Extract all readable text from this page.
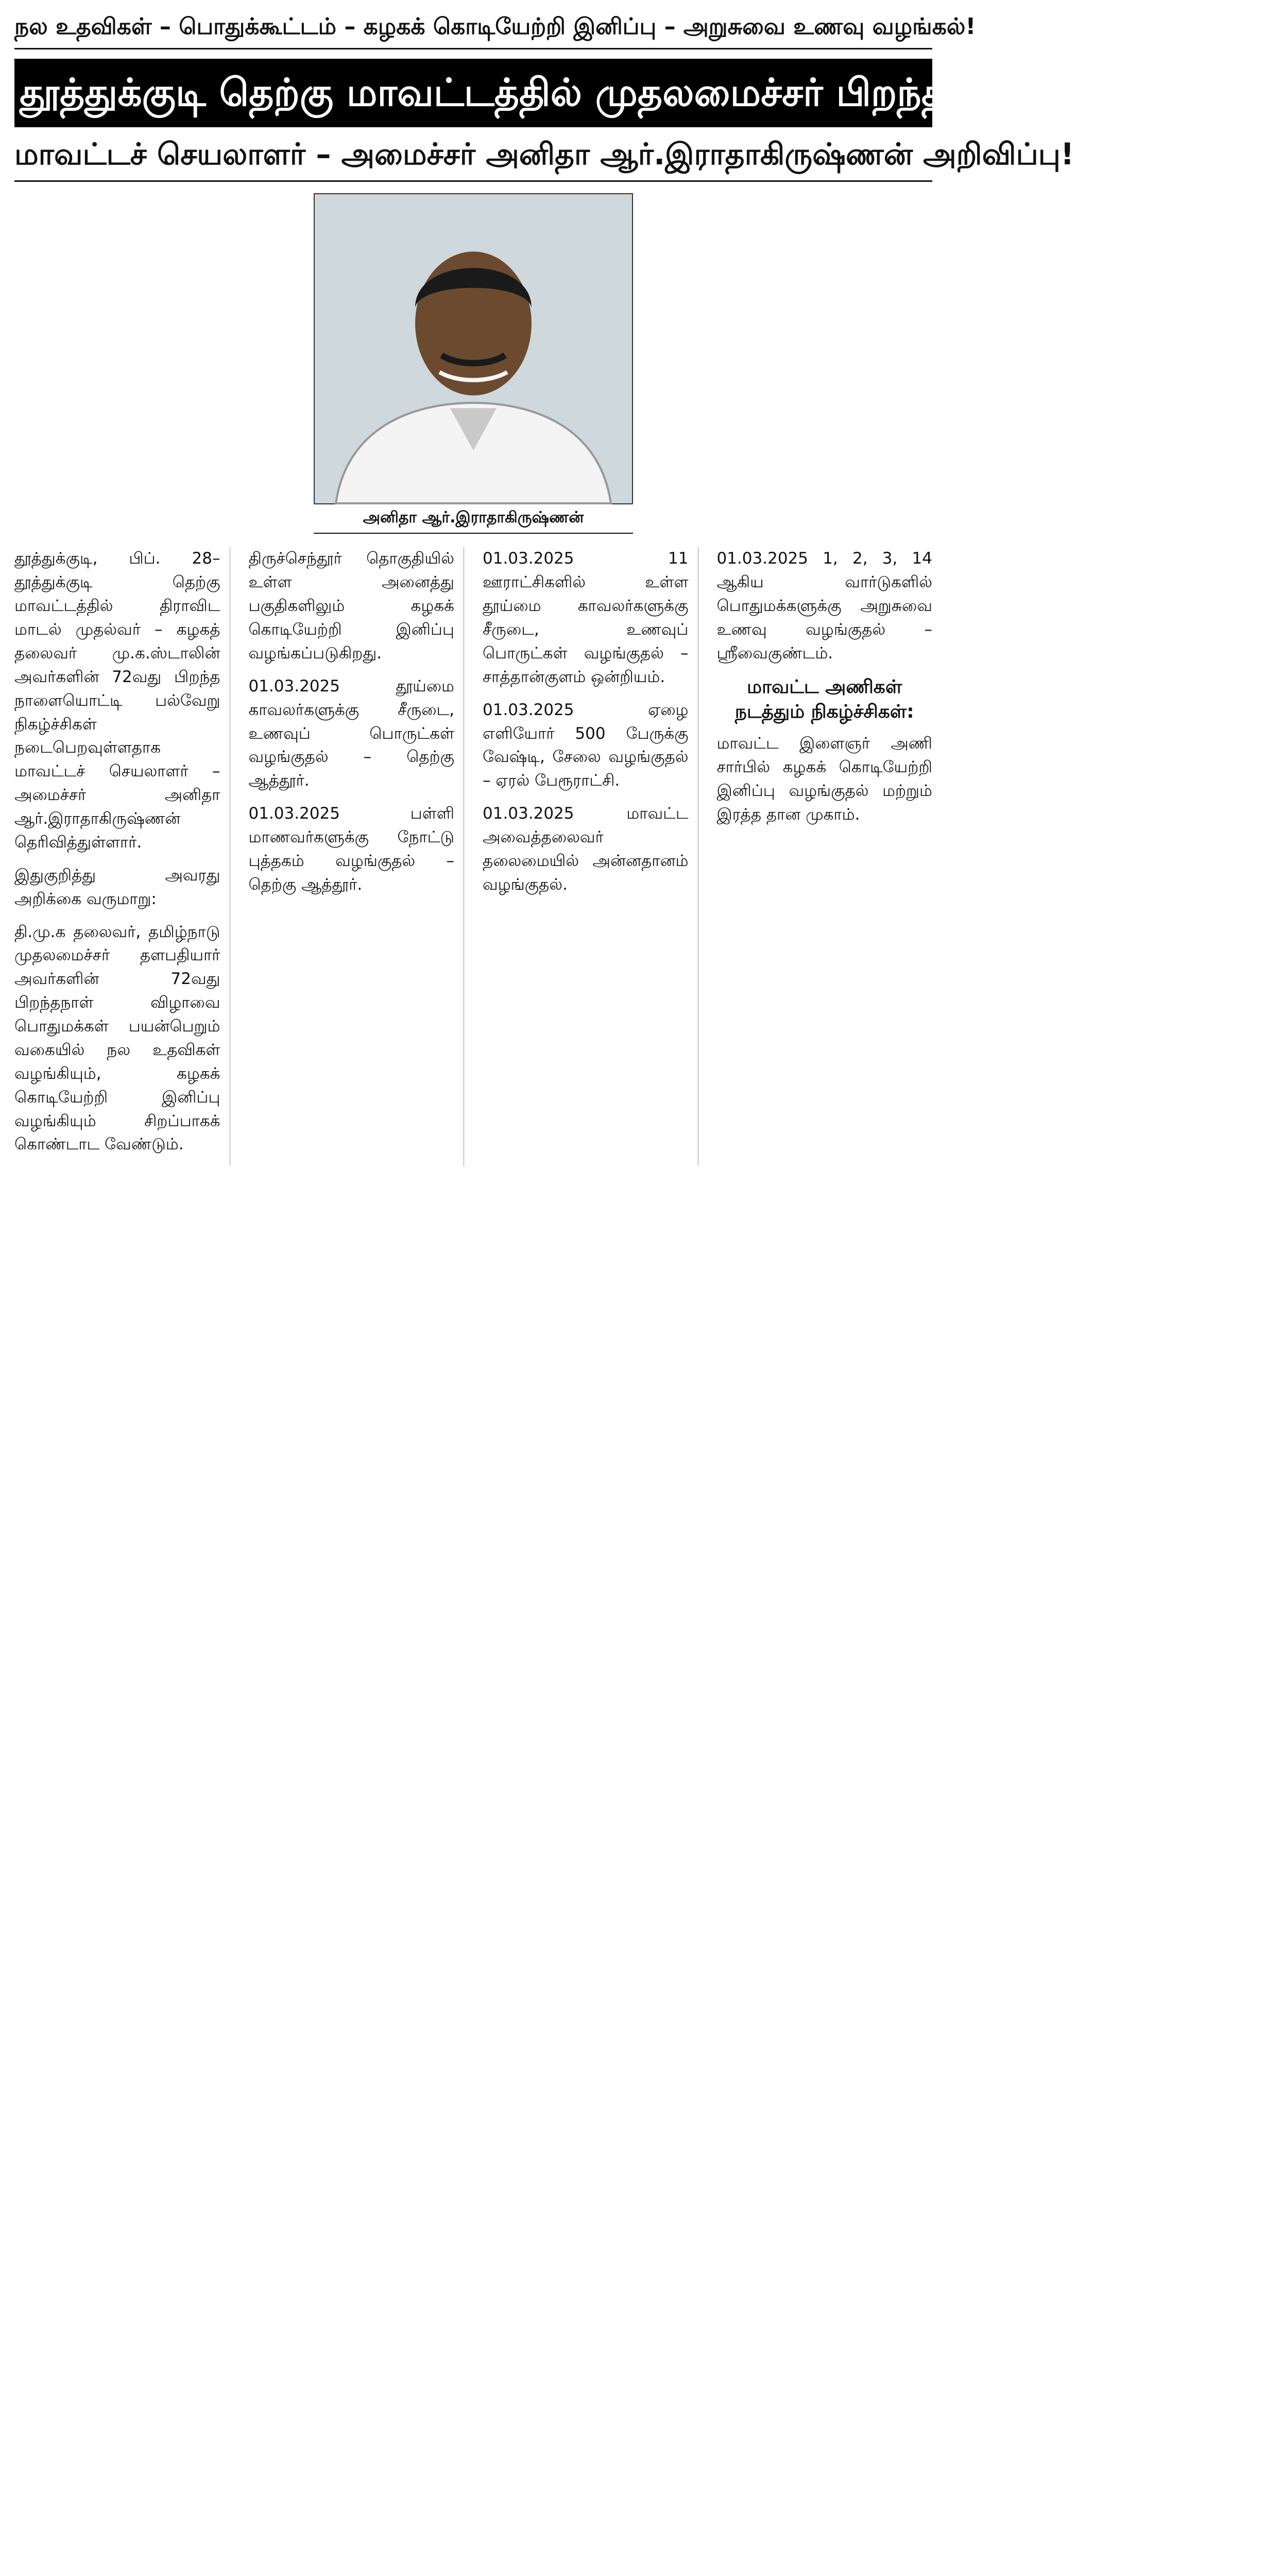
நல உதவிகள் – பொதுக்கூட்டம் – கழகக் கொடியேற்றி இனிப்பு – அறுசுவை உணவு வழங்கல்!
தூத்துக்குடி தெற்கு மாவட்டத்தில் முதலமைச்சர் பிறந்த நாள் நிகழ்ச்சிகள்!
மாவட்டச் செயலாளர் – அமைச்சர் அனிதா ஆர்.இராதாகிருஷ்ணன் அறிவிப்பு!
அனிதா ஆர்.இராதாகிருஷ்ணன்

தூத்துக்குடி, பிப். 28– தூத்துக்குடி தெற்கு மாவட்டத்தில் திராவிட மாடல் முதல்வர் – கழகத் தலைவர் மு.க.ஸ்டாலின் அவர்களின் 72வது பிறந்த நாளையொட்டி பல்வேறு நிகழ்ச்சிகள் நடைபெறவுள்ளதாக மாவட்டச் செயலாளர் – அமைச்சர் அனிதா ஆர்.இராதாகிருஷ்ணன் தெரிவித்துள்ளார்.

இதுகுறித்து அவரது அறிக்கை வருமாறு:

தி.மு.க தலைவர், தமிழ்நாடு முதலமைச்சர் தளபதியார் அவர்களின் 72வது பிறந்தநாள் விழாவை பொதுமக்கள் பயன்பெறும் வகையில் நல உதவிகள் வழங்கியும், கழகக் கொடியேற்றி இனிப்பு வழங்கியும் சிறப்பாகக் கொண்டாட வேண்டும்.

திருச்செந்தூர் தொகுதியில் உள்ள அனைத்து பகுதிகளிலும் கழகக் கொடியேற்றி இனிப்பு வழங்கப்படுகிறது.

01.03.2025 தூய்மை காவலர்களுக்கு சீருடை, உணவுப் பொருட்கள் வழங்குதல் – தெற்கு ஆத்தூர்.

01.03.2025 பள்ளி மாணவர்களுக்கு நோட்டு புத்தகம் வழங்குதல் – தெற்கு ஆத்தூர்.

01.03.2025 11 ஊராட்சிகளில் உள்ள தூய்மை காவலர்களுக்கு சீருடை, உணவுப் பொருட்கள் வழங்குதல் – சாத்தான்குளம் ஒன்றியம்.

01.03.2025 ஏழை எளியோர் 500 பேருக்கு வேஷ்டி, சேலை வழங்குதல் – ஏரல் பேரூராட்சி.

01.03.2025 மாவட்ட அவைத்தலைவர் தலைமையில் அன்னதானம் வழங்குதல்.

01.03.2025 1, 2, 3, 14 ஆகிய வார்டுகளில் பொதுமக்களுக்கு அறுசுவை உணவு வழங்குதல் – ஸ்ரீவைகுண்டம்.

மாவட்ட அணிகள் நடத்தும் நிகழ்ச்சிகள்:

மாவட்ட இளைஞர் அணி சார்பில் கழகக் கொடியேற்றி இனிப்பு வழங்குதல் மற்றும் இரத்த தான முகாம்.
